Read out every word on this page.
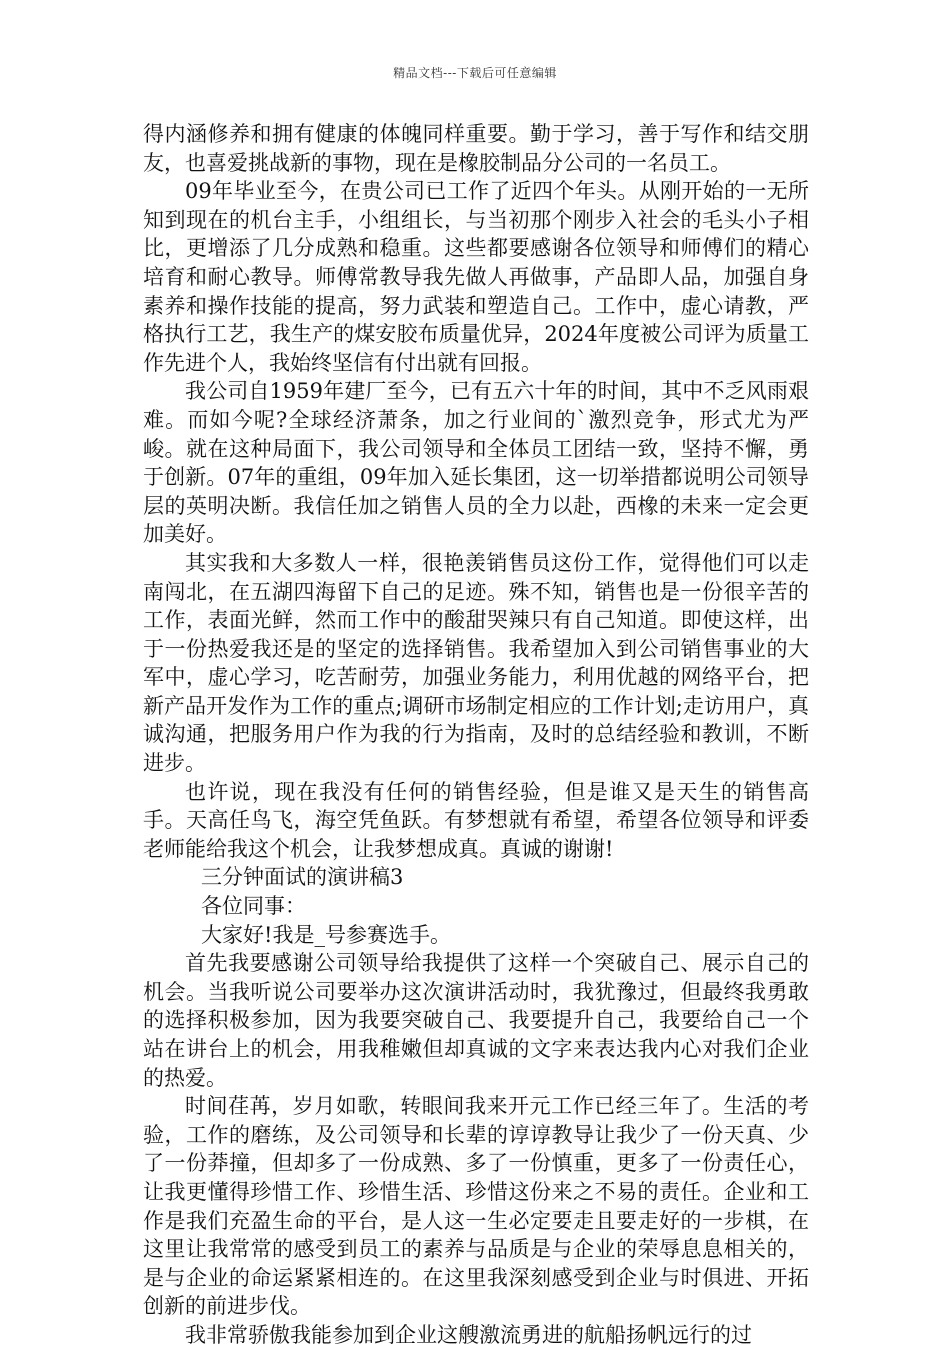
精品文档---下载后可任意编辑

得内涵修养和拥有健康的体魄同样重要。勤于学习，善于写作和结交朋友，也喜爱挑战新的事物，现在是橡胶制品分公司的一名员工。

09年毕业至今，在贵公司已工作了近四个年头。从刚开始的一无所知到现在的机台主手，小组组长，与当初那个刚步入社会的毛头小子相比，更增添了几分成熟和稳重。这些都要感谢各位领导和师傅们的精心培育和耐心教导。师傅常教导我先做人再做事，产品即人品，加强自身素养和操作技能的提高，努力武装和塑造自己。工作中，虚心请教，严格执行工艺，我生产的煤安胶布质量优异，2024年度被公司评为质量工作先进个人，我始终坚信有付出就有回报。

我公司自1959年建厂至今，已有五六十年的时间，其中不乏风雨艰难。而如今呢?全球经济萧条，加之行业间的`激烈竞争，形式尤为严峻。就在这种局面下，我公司领导和全体员工团结一致，坚持不懈，勇于创新。07年的重组，09年加入延长集团，这一切举措都说明公司领导层的英明决断。我信任加之销售人员的全力以赴，西橡的未来一定会更加美好。

其实我和大多数人一样，很艳羡销售员这份工作，觉得他们可以走南闯北，在五湖四海留下自己的足迹。殊不知，销售也是一份很辛苦的工作，表面光鲜，然而工作中的酸甜哭辣只有自己知道。即使这样，出于一份热爱我还是的坚定的选择销售。我希望加入到公司销售事业的大军中，虚心学习，吃苦耐劳，加强业务能力，利用优越的网络平台，把新产品开发作为工作的重点;调研市场制定相应的工作计划;走访用户，真诚沟通，把服务用户作为我的行为指南，及时的总结经验和教训，不断进步。

也许说，现在我没有任何的销售经验，但是谁又是天生的销售高手。天高任鸟飞，海空凭鱼跃。有梦想就有希望，希望各位领导和评委老师能给我这个机会，让我梦想成真。真诚的谢谢!

三分钟面试的演讲稿3

各位同事：

大家好!我是_号参赛选手。

首先我要感谢公司领导给我提供了这样一个突破自己、展示自己的机会。当我听说公司要举办这次演讲活动时，我犹豫过，但最终我勇敢的选择积极参加，因为我要突破自己、我要提升自己，我要给自己一个站在讲台上的机会，用我稚嫩但却真诚的文字来表达我内心对我们企业的热爱。

时间荏苒，岁月如歌，转眼间我来开元工作已经三年了。生活的考验，工作的磨练，及公司领导和长辈的谆谆教导让我少了一份天真、少了一份莽撞，但却多了一份成熟、多了一份慎重，更多了一份责任心，让我更懂得珍惜工作、珍惜生活、珍惜这份来之不易的责任。企业和工作是我们充盈生命的平台，是人这一生必定要走且要走好的一步棋，在这里让我常常的感受到员工的素养与品质是与企业的荣辱息息相关的，是与企业的命运紧紧相连的。在这里我深刻感受到企业与时俱进、开拓创新的前进步伐。

我非常骄傲我能参加到企业这艘激流勇进的航船扬帆远行的过
